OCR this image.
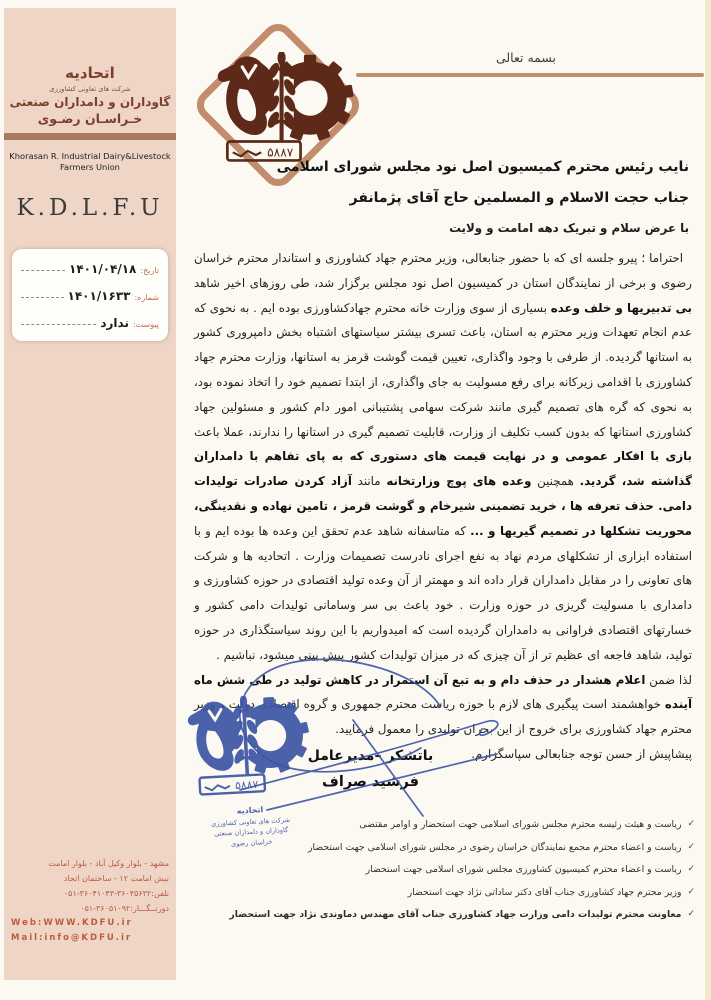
اتحادیه
شرکت های تعاونی کشاورزی
گاوداران و دامداران صنعتی
خـراسـان رضـوی
Khorasan R. Industrial Dairy&Livestock
Farmers Union
K.D.L.F.U
تاریخ:
۱۴۰۱/۰۴/۱۸
شماره:
۱۴۰۱/۱۶۳۳
پیوست:
ندارد
مشهد - بلوار وکیل آباد - بلوار امامت
نبش امامت ۱۲ - ساختمان اتحاد
تلفن:۳۶۰۴۵۶۳۲-۳۶۰۴۱۰۴۳-۰۵۱
دورنــگـــار:۳۶۰۵۱۰۹۲-۰۵۱
Web:WWW.KDFU.ir
Mail:info@KDFU.ir
بسمه تعالی
نایب رئیس محترم کمیسیون اصل نود مجلس شورای اسلامی
جناب حجت الاسلام و المسلمین حاج آقای پژمانفر
با عرض سلام و تبریک دهه امامت و ولایت

احتراما ؛ پیرو جلسه ای که با حضور جنابعالی، وزیر محترم جهاد کشاورزی و استاندار محترم خراسان رضوی و برخی از نمایندگان استان در کمیسیون اصل نود مجلس برگزار شد، طی روزهای اخیر شاهد بی تدبیریها و خلف وعده بسیاری از سوی وزارت خانه محترم جهادکشاورزی بوده ایم . به نحوی که عدم انجام تعهدات وزیر محترم به استان، باعث تسری بیشتر سیاستهای اشتباه بخش دامپروری کشور به استانها گردیده. از طرفی با وجود واگذاری، تعیین قیمت گوشت قرمز به استانها، وزارت محترم جهاد کشاورزی با اقدامی زیرکانه برای رفع مسولیت به جای واگذاری، از ابتدا تصمیم خود را اتخاذ نموده بود، به نحوی که گره های تصمیم گیری مانند شرکت سهامی پشتیبانی امور دام کشور و مسئولین جهاد کشاورزی استانها که بدون کسب تکلیف از وزارت، قابلیت تصمیم گیری در استانها را ندارند، عملا باعث بازی با افکار عمومی و در نهایت قیمت های دستوری که به پای تفاهم با دامداران گذاشته شد، گردید. همچنین وعده های پوچ وزارتخانه مانند آزاد کردن صادرات تولیدات دامی. حذف تعرفه ها ، خرید تضمینی شیرخام و گوشت قرمز ، تامین نهاده و نقدینگی، محوریت تشکلها در تصمیم گیریها و ... که متاسفانه شاهد عدم تحقق این وعده ها بوده ایم و با استفاده ابزاری از تشکلهای مردم نهاد به نفع اجرای نادرست تصمیمات وزارت . اتحادیه ها و شرکت های تعاونی را در مقابل دامداران قرار داده اند و مهمتر از آن وعده تولید اقتصادی در حوزه کشاورزی و دامداری با مسولیت گریزی در حوزه وزارت . خود باعث بی سر وسامانی تولیدات دامی کشور و خسارتهای اقتصادی فراوانی به دامداران گردیده است که امیدواریم با این روند سیاستگذاری در حوزه تولید، شاهد فاجعه ای عظیم تر از آن چیزی که در میزان تولیدات کشور پیش بینی میشود، نباشیم .

لذا ضمن اعلام هشدار در حذف دام و به تبع آن استمرار در کاهش تولید در طی شش ماه آینده خواهشمند است پیگیری های لازم با حوزه ریاست محترم جمهوری و گروه اقتصادی دولت و وزیر محترم جهاد کشاورزی برای خروج از این بحران تولیدی را معمول فرمایید.

پیشاپیش از حسن توجه جنابعالی سپاسگزارم.

اتحادیه
شرکت های تعاونی کشاورزی
گاوداران و دامداران صنعتی
خراسان رضوی
باتشکر –مدیرعامل
فرشید صراف
✓
ریاست و هیئت رئیسه محترم مجلس شورای اسلامی جهت استحضار و اوامر مقتضی
✓
ریاست و اعضاء محترم مجمع نمایندگان خراسان رضوی در مجلس شورای اسلامی جهت استحضار
✓
ریاست و اعضاء محترم کمیسیون کشاورزی مجلس شورای اسلامی جهت استحضار
✓
وزیر محترم جهاد کشاورزی جناب آقای دکتر ساداتی نژاد جهت استحضار
✓
معاونت محترم تولیدات دامی وزارت جهاد کشاورزی جناب آقای مهندس دماوندی نژاد جهت استحضار
